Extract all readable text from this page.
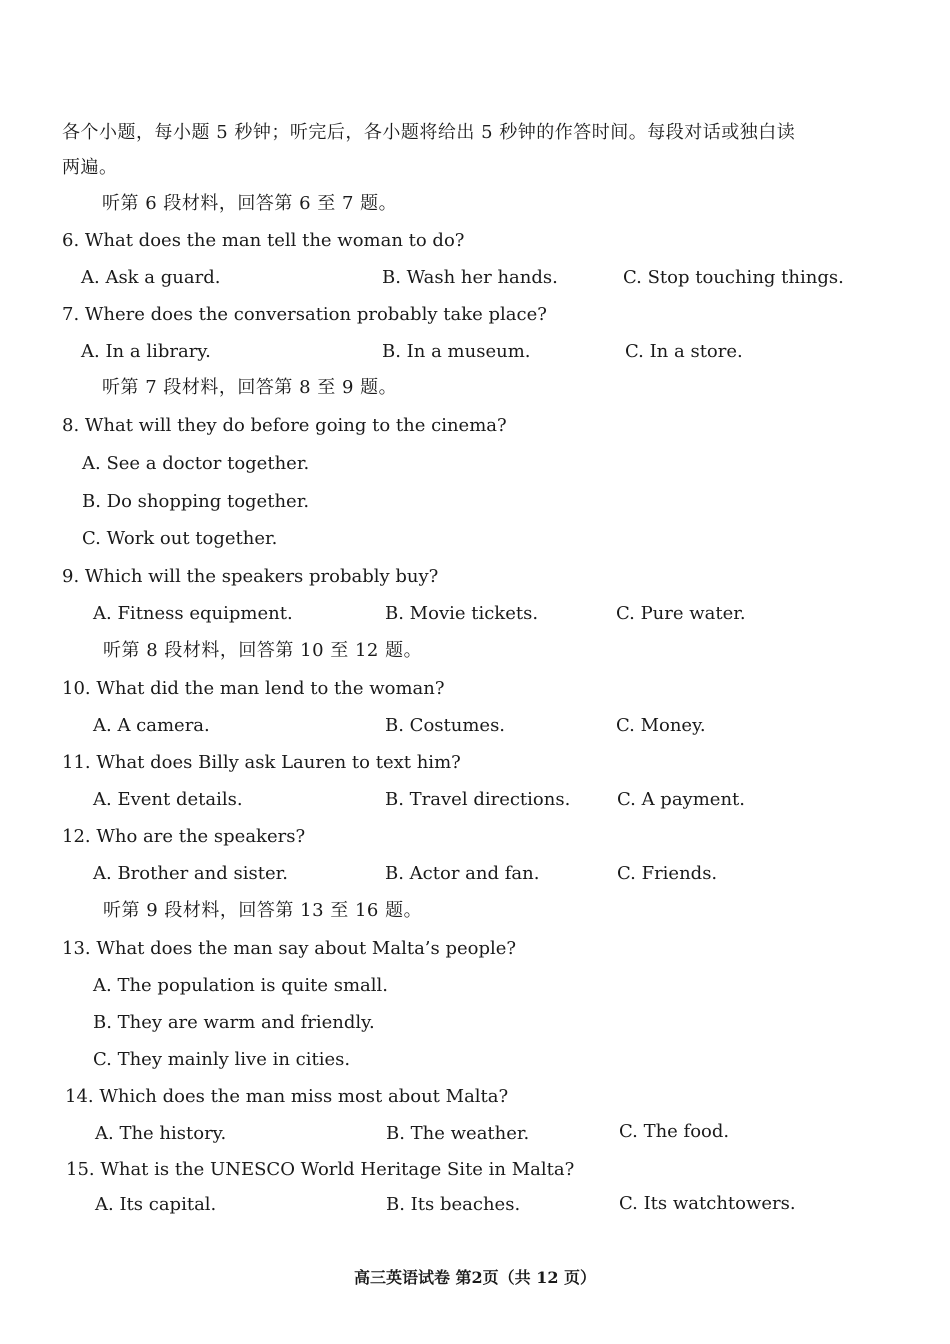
各个小题，每小题 5 秒钟；听完后，各小题将给出 5 秒钟的作答时间。每段对话或独白读
两遍。
听第 6 段材料，回答第 6 至 7 题。
6. What does the man tell the woman to do?
A. Ask a guard.	B. Wash her hands.	C. Stop touching things.
7. Where does the conversation probably take place?
A. In a library.	B. In a museum.	C. In a store.
听第 7 段材料，回答第 8 至 9 题。
8. What will they do before going to the cinema?
A. See a doctor together.
B. Do shopping together.
C. Work out together.
9. Which will the speakers probably buy?
A. Fitness equipment.	B. Movie tickets.	C. Pure water.
听第 8 段材料，回答第 10 至 12 题。
10. What did the man lend to the woman?
A. A camera.	B. Costumes.	C. Money.
11. What does Billy ask Lauren to text him?
A. Event details.	B. Travel directions.	C. A payment.
12. Who are the speakers?
A. Brother and sister.	B. Actor and fan.	C. Friends.
听第 9 段材料，回答第 13 至 16 题。
13. What does the man say about Malta’s people?
A. The population is quite small.
B. They are warm and friendly.
C. They mainly live in cities.
14. Which does the man miss most about Malta?
A. The history.	B. The weather.	C. The food.
15. What is the UNESCO World Heritage Site in Malta?
A. Its capital.	B. Its beaches.	C. Its watchtowers.
高三英语试卷 第2页（共 12 页）
